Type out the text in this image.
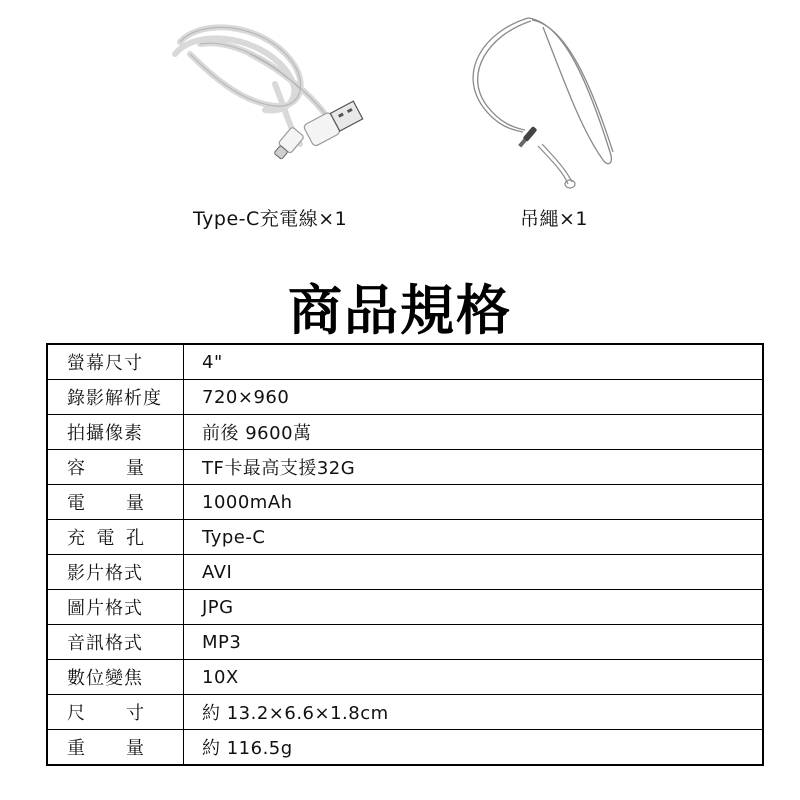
Type-C充電線×1	吊繩×1
商品規格
螢幕尺寸	4"
錄影解析度	720×960
拍攝像素	前後 9600萬

容 量	TF卡最高支援32G

電 量	1000mAh

充 電 孔	Type-C
影片格式	AVI
圖片格式	JPG
音訊格式	MP3
數位變焦	10X

尺 寸	約 13.2×6.6×1.8cm

重 量	約 116.5g
